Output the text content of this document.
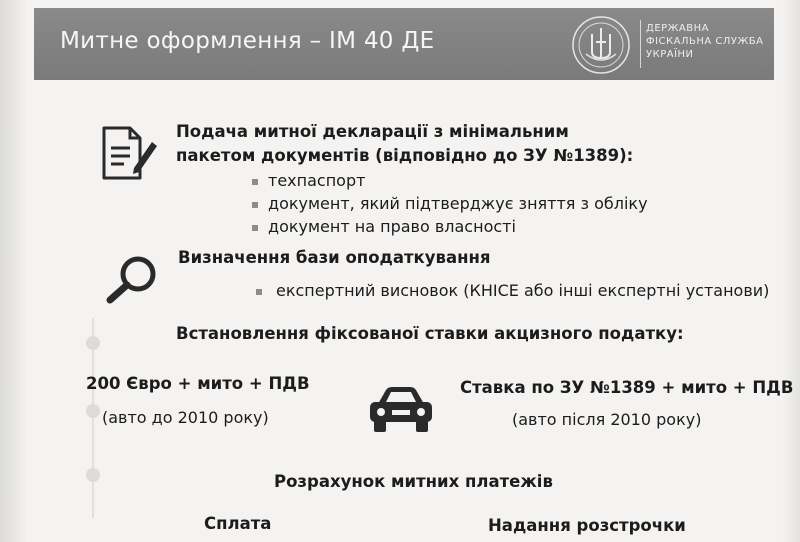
Митне оформлення – ІМ 40 ДЕ	ДЕРЖАВНА
ФІСКАЛЬНА СЛУЖБА
УКРАЇНИ
Подача митної декларації з мінімальним
пакетом документів (відповідно до ЗУ №1389):
техпаспорт
документ, який підтверджує зняття з обліку
документ на право власності
Визначення бази оподаткування
експертний висновок (КНІСЕ або інші експертні установи)
Встановлення фіксованої ставки акцизного податку:
200 Євро + мито + ПДВ
(авто до 2010 року)
Ставка по ЗУ №1389 + мито + ПДВ
(авто після 2010 року)
Розрахунок митних платежів
Сплата	Надання розстрочки
